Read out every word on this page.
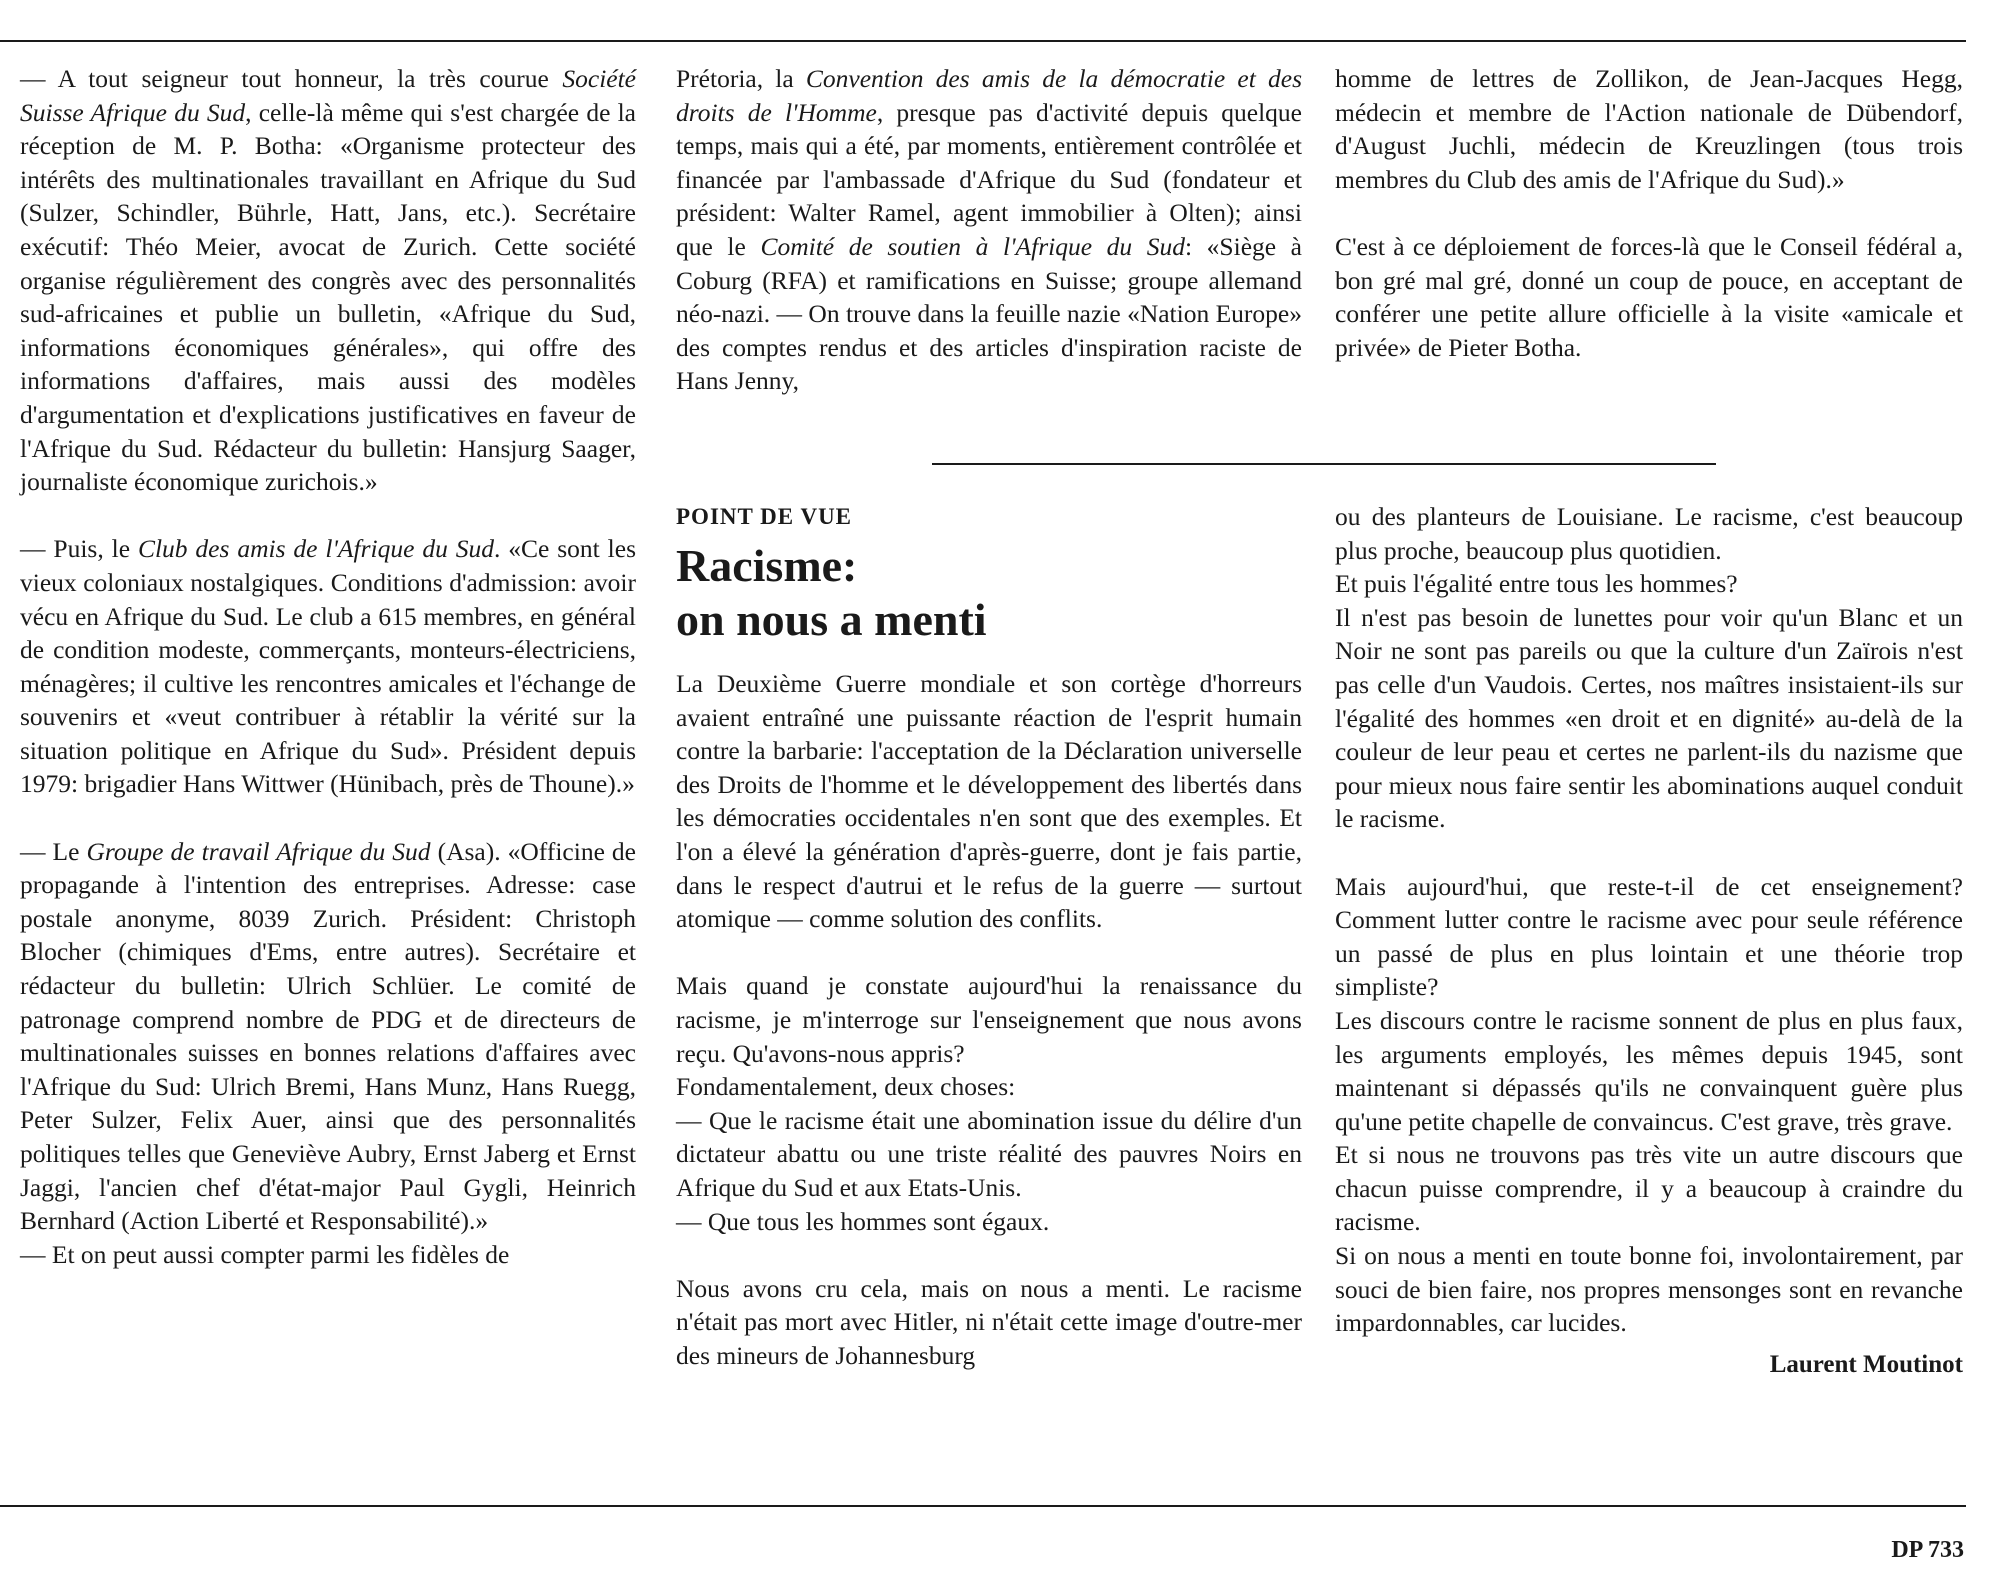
— A tout seigneur tout honneur, la très courue Société Suisse Afrique du Sud, celle-là même qui s'est chargée de la réception de M. P. Botha: «Organisme protecteur des intérêts des multinationales travaillant en Afrique du Sud (Sulzer, Schindler, Bührle, Hatt, Jans, etc.). Secrétaire exécutif: Théo Meier, avocat de Zurich. Cette société organise régulièrement des congrès avec des personnalités sud-africaines et publie un bulletin, «Afrique du Sud, informations économiques générales», qui offre des informations d'affaires, mais aussi des modèles d'argumentation et d'explications justificatives en faveur de l'Afrique du Sud. Rédacteur du bulletin: Hansjurg Saager, journaliste économique zurichois.»

— Puis, le Club des amis de l'Afrique du Sud. «Ce sont les vieux coloniaux nostalgiques. Conditions d'admission: avoir vécu en Afrique du Sud. Le club a 615 membres, en général de condition modeste, commerçants, monteurs-électriciens, ménagères; il cultive les rencontres amicales et l'échange de souvenirs et «veut contribuer à rétablir la vérité sur la situation politique en Afrique du Sud». Président depuis 1979: brigadier Hans Wittwer (Hünibach, près de Thoune).»

— Le Groupe de travail Afrique du Sud (Asa). «Officine de propagande à l'intention des entreprises. Adresse: case postale anonyme, 8039 Zurich. Président: Christoph Blocher (chimiques d'Ems, entre autres). Secrétaire et rédacteur du bulletin: Ulrich Schlüer. Le comité de patronage comprend nombre de PDG et de directeurs de multinationales suisses en bonnes relations d'affaires avec l'Afrique du Sud: Ulrich Bremi, Hans Munz, Hans Ruegg, Peter Sulzer, Felix Auer, ainsi que des personnalités politiques telles que Geneviève Aubry, Ernst Jaberg et Ernst Jaggi, l'ancien chef d'état-major Paul Gygli, Heinrich Bernhard (Action Liberté et Responsabilité).»

— Et on peut aussi compter parmi les fidèles de

Prétoria, la Convention des amis de la démocratie et des droits de l'Homme, presque pas d'activité depuis quelque temps, mais qui a été, par moments, entièrement contrôlée et financée par l'ambassade d'Afrique du Sud (fondateur et président: Walter Ramel, agent immobilier à Olten); ainsi que le Comité de soutien à l'Afrique du Sud: «Siège à Coburg (RFA) et ramifications en Suisse; groupe allemand néo-nazi. — On trouve dans la feuille nazie «Nation Europe» des comptes rendus et des articles d'inspiration raciste de Hans Jenny,

homme de lettres de Zollikon, de Jean-Jacques Hegg, médecin et membre de l'Action nationale de Dübendorf, d'August Juchli, médecin de Kreuzlingen (tous trois membres du Club des amis de l'Afrique du Sud).»

C'est à ce déploiement de forces-là que le Conseil fédéral a, bon gré mal gré, donné un coup de pouce, en acceptant de conférer une petite allure officielle à la visite «amicale et privée» de Pieter Botha.

POINT DE VUE
Racisme:
on nous a menti

La Deuxième Guerre mondiale et son cortège d'horreurs avaient entraîné une puissante réaction de l'esprit humain contre la barbarie: l'acceptation de la Déclaration universelle des Droits de l'homme et le développement des libertés dans les démocraties occidentales n'en sont que des exemples. Et l'on a élevé la génération d'après-guerre, dont je fais partie, dans le respect d'autrui et le refus de la guerre — surtout atomique — comme solution des conflits.

Mais quand je constate aujourd'hui la renaissance du racisme, je m'interroge sur l'enseignement que nous avons reçu. Qu'avons-nous appris?

Fondamentalement, deux choses:

— Que le racisme était une abomination issue du délire d'un dictateur abattu ou une triste réalité des pauvres Noirs en Afrique du Sud et aux Etats-Unis.

— Que tous les hommes sont égaux.

Nous avons cru cela, mais on nous a menti. Le racisme n'était pas mort avec Hitler, ni n'était cette image d'outre-mer des mineurs de Johannesburg

ou des planteurs de Louisiane. Le racisme, c'est beaucoup plus proche, beaucoup plus quotidien.

Et puis l'égalité entre tous les hommes?

Il n'est pas besoin de lunettes pour voir qu'un Blanc et un Noir ne sont pas pareils ou que la culture d'un Zaïrois n'est pas celle d'un Vaudois. Certes, nos maîtres insistaient-ils sur l'égalité des hommes «en droit et en dignité» au-delà de la couleur de leur peau et certes ne parlent-ils du nazisme que pour mieux nous faire sentir les abominations auquel conduit le racisme.

Mais aujourd'hui, que reste-t-il de cet enseignement? Comment lutter contre le racisme avec pour seule référence un passé de plus en plus lointain et une théorie trop simpliste?

Les discours contre le racisme sonnent de plus en plus faux, les arguments employés, les mêmes depuis 1945, sont maintenant si dépassés qu'ils ne convainquent guère plus qu'une petite chapelle de convaincus. C'est grave, très grave.

Et si nous ne trouvons pas très vite un autre discours que chacun puisse comprendre, il y a beaucoup à craindre du racisme.

Si on nous a menti en toute bonne foi, involontairement, par souci de bien faire, nos propres mensonges sont en revanche impardonnables, car lucides.

Laurent Moutinot
DP 733
